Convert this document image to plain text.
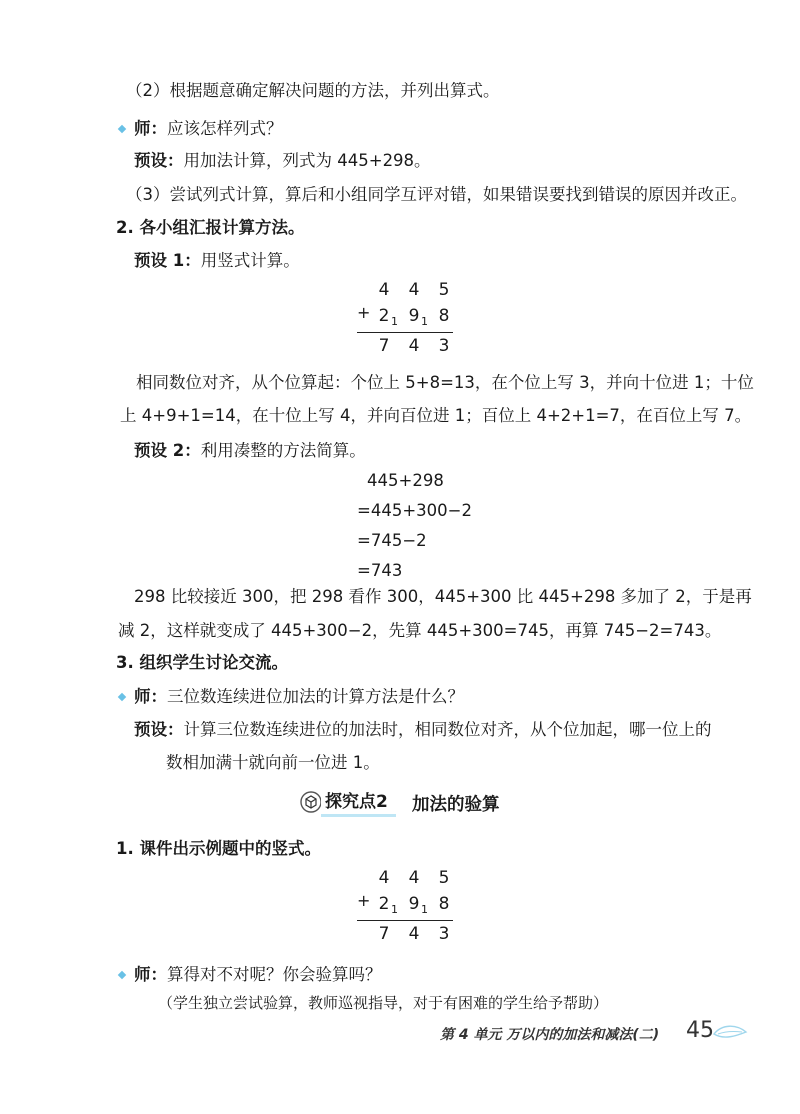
（2）根据题意确定解决问题的方法，并列出算式。
师：应该怎样列式？
预设：用加法计算，列式为 445+298。
（3）尝试列式计算，算后和小组同学互评对错，如果错误要找到错误的原因并改正。
2. 各小组汇报计算方法。
预设 1：用竖式计算。
4 4 5
+ 2 1 9 1 8
7 4 3
相同数位对齐，从个位算起：个位上 5+8=13，在个位上写 3，并向十位进 1；十位
上 4+9+1=14，在十位上写 4，并向百位进 1；百位上 4+2+1=7，在百位上写 7。
预设 2：利用凑整的方法简算。
445+298
=445+300−2
=745−2
=743
298 比较接近 300，把 298 看作 300，445+300 比 445+298 多加了 2，于是再
减 2，这样就变成了 445+300−2，先算 445+300=745，再算 745−2=743。
3. 组织学生讨论交流。
师：三位数连续进位加法的计算方法是什么？
预设：计算三位数连续进位的加法时，相同数位对齐，从个位加起，哪一位上的
数相加满十就向前一位进 1。
探究点2	加法的验算
1. 课件出示例题中的竖式。
4 4 5
+ 2 1 9 1 8
7 4 3
师：算得对不对呢？你会验算吗？
（学生独立尝试验算，教师巡视指导，对于有困难的学生给予帮助）
第 4 单元 万以内的加法和减法(二) 45
